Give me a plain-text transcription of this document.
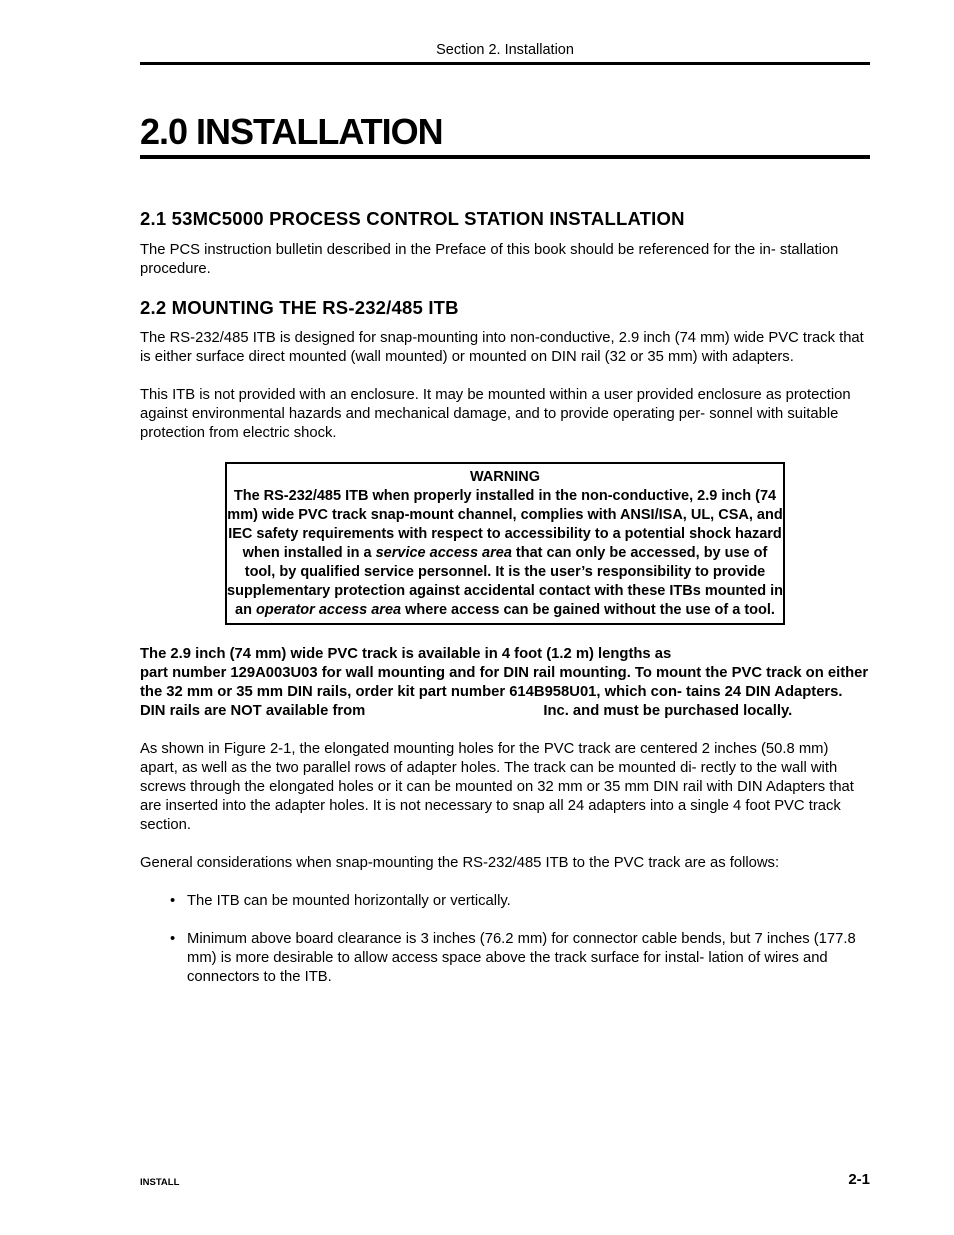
Section 2. Installation
2.0 INSTALLATION
2.1 53MC5000 PROCESS CONTROL STATION INSTALLATION

The PCS instruction bulletin described in the Preface of this book should be referenced for the in- stallation procedure.

2.2 MOUNTING THE RS-232/485 ITB

The RS-232/485 ITB is designed for snap-mounting into non-conductive, 2.9 inch (74 mm) wide PVC track that is either surface direct mounted (wall mounted) or mounted on DIN rail (32 or 35 mm) with adapters.

This ITB is not provided with an enclosure. It may be mounted within a user provided enclosure as protection against environmental hazards and mechanical damage, and to provide operating per- sonnel with suitable protection from electric shock.

WARNING
The RS-232/485 ITB when properly installed in the non-conductive, 2.9 inch (74 mm) wide PVC track snap-mount channel, complies with ANSI/ISA, UL, CSA, and IEC safety requirements with respect to accessibility to a potential shock hazard when installed in a service access area that can only be accessed, by use of tool, by qualified service personnel. It is the user’s responsibility to provide supplementary protection against accidental contact with these ITBs mounted in an operator access area where access can be gained without the use of a tool.

The 2.9 inch (74 mm) wide PVC track is available in 4 foot (1.2 m) lengths as
part number 129A003U03 for wall mounting and for DIN rail mounting. To mount the PVC track on either the 32 mm or 35 mm DIN rails, order kit part number 614B958U01, which con- tains 24 DIN Adapters. DIN rails are NOT available from	Inc. and must be purchased locally.

As shown in Figure 2-1, the elongated mounting holes for the PVC track are centered 2 inches (50.8 mm) apart, as well as the two parallel rows of adapter holes. The track can be mounted di- rectly to the wall with screws through the elongated holes or it can be mounted on 32 mm or 35 mm DIN rail with DIN Adapters that are inserted into the adapter holes. It is not necessary to snap all 24 adapters into a single 4 foot PVC track section.

General considerations when snap-mounting the RS-232/485 ITB to the PVC track are as follows:

• The ITB can be mounted horizontally or vertically.
• Minimum above board clearance is 3 inches (76.2 mm) for connector cable bends, but 7 inches (177.8 mm) is more desirable to allow access space above the track surface for instal- lation of wires and connectors to the ITB.
INSTALL	2-1
